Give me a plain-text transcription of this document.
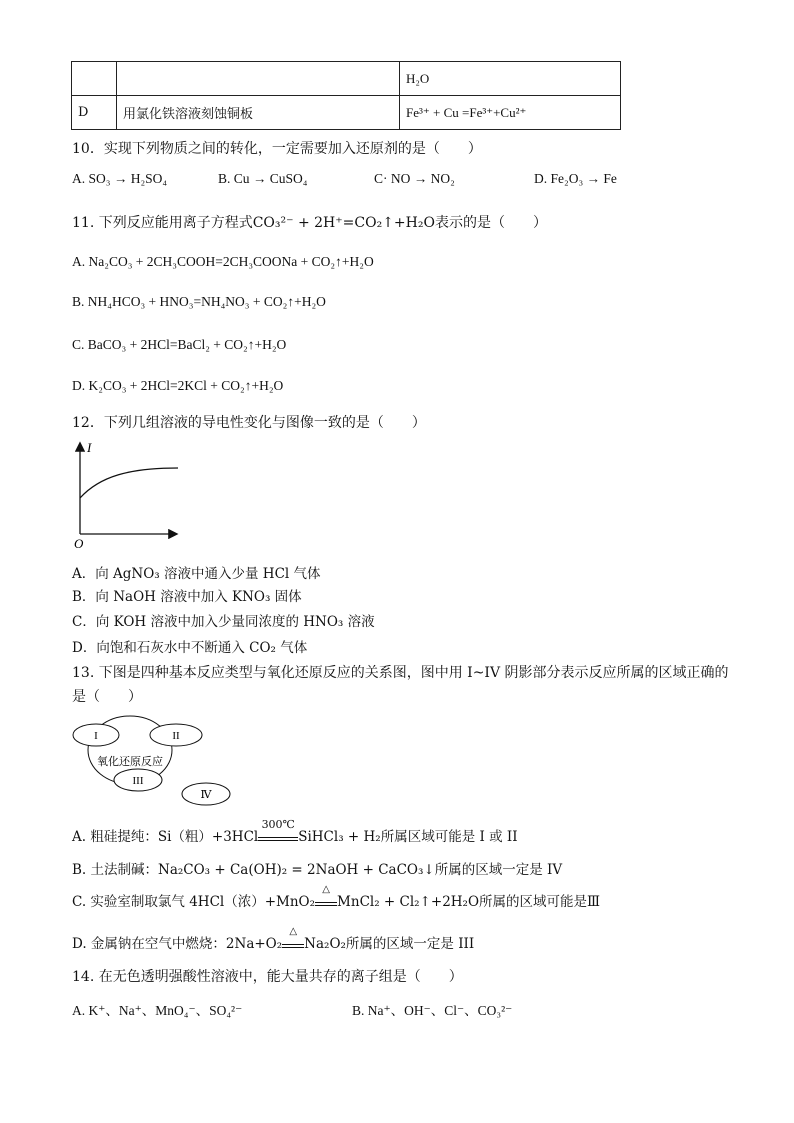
		H₂O
D	用氯化铁溶液刻蚀铜板	Fe³⁺ + Cu =Fe³⁺+Cu²⁺
10．实现下列物质之间的转化，一定需要加入还原剂的是（　　）
A. SO₃ → H₂SO₄	B. Cu → CuSO₄	C· NO → NO₂	D. Fe₂O₃ → Fe
11. 下列反应能用离子方程式CO₃²⁻ + 2H⁺=CO₂↑+H₂O表示的是（　　）
A. Na₂CO₃ + 2CH₃COOH=2CH₃COONa + CO₂↑+H₂O
B. NH₄HCO₃ + HNO₃=NH₄NO₃ + CO₂↑+H₂O
C. BaCO₃ + 2HCl=BaCl₂ + CO₂↑+H₂O
D. K₂CO₃ + 2HCl=2KCl + CO₂↑+H₂O
12．下列几组溶液的导电性变化与图像一致的是（　　）
I
O
A．向 AgNO₃ 溶液中通入少量 HCl 气体
B．向 NaOH 溶液中加入 KNO₃ 固体
C．向 KOH 溶液中加入少量同浓度的 HNO₃ 溶液
D．向饱和石灰水中不断通入 CO₂ 气体
13. 下图是四种基本反应类型与氧化还原反应的关系图，图中用 I~IV 阴影部分表示反应所属的区域正确的
是（　　）
I	II
氧化还原反应
III
Ⅳ
A. 粗硅提纯：Si（粗）+3HCl
300℃
SiHCl₃ + H₂所属区域可能是 I 或 II
B. 土法制碱：Na₂CO₃ + Ca(OH)₂ = 2NaOH + CaCO₃↓所属的区域一定是 IV
C. 实验室制取氯气 4HCl（浓）+MnO₂
△
MnCl₂ + Cl₂↑+2H₂O所属的区域可能是Ⅲ
D. 金属钠在空气中燃烧：2Na+O₂
△
Na₂O₂所属的区域一定是 III
14. 在无色透明强酸性溶液中，能大量共存的离子组是（　　）
A. K⁺、Na⁺、MnO₄⁻、SO₄²⁻	B. Na⁺、OH⁻、Cl⁻、CO₃²⁻
